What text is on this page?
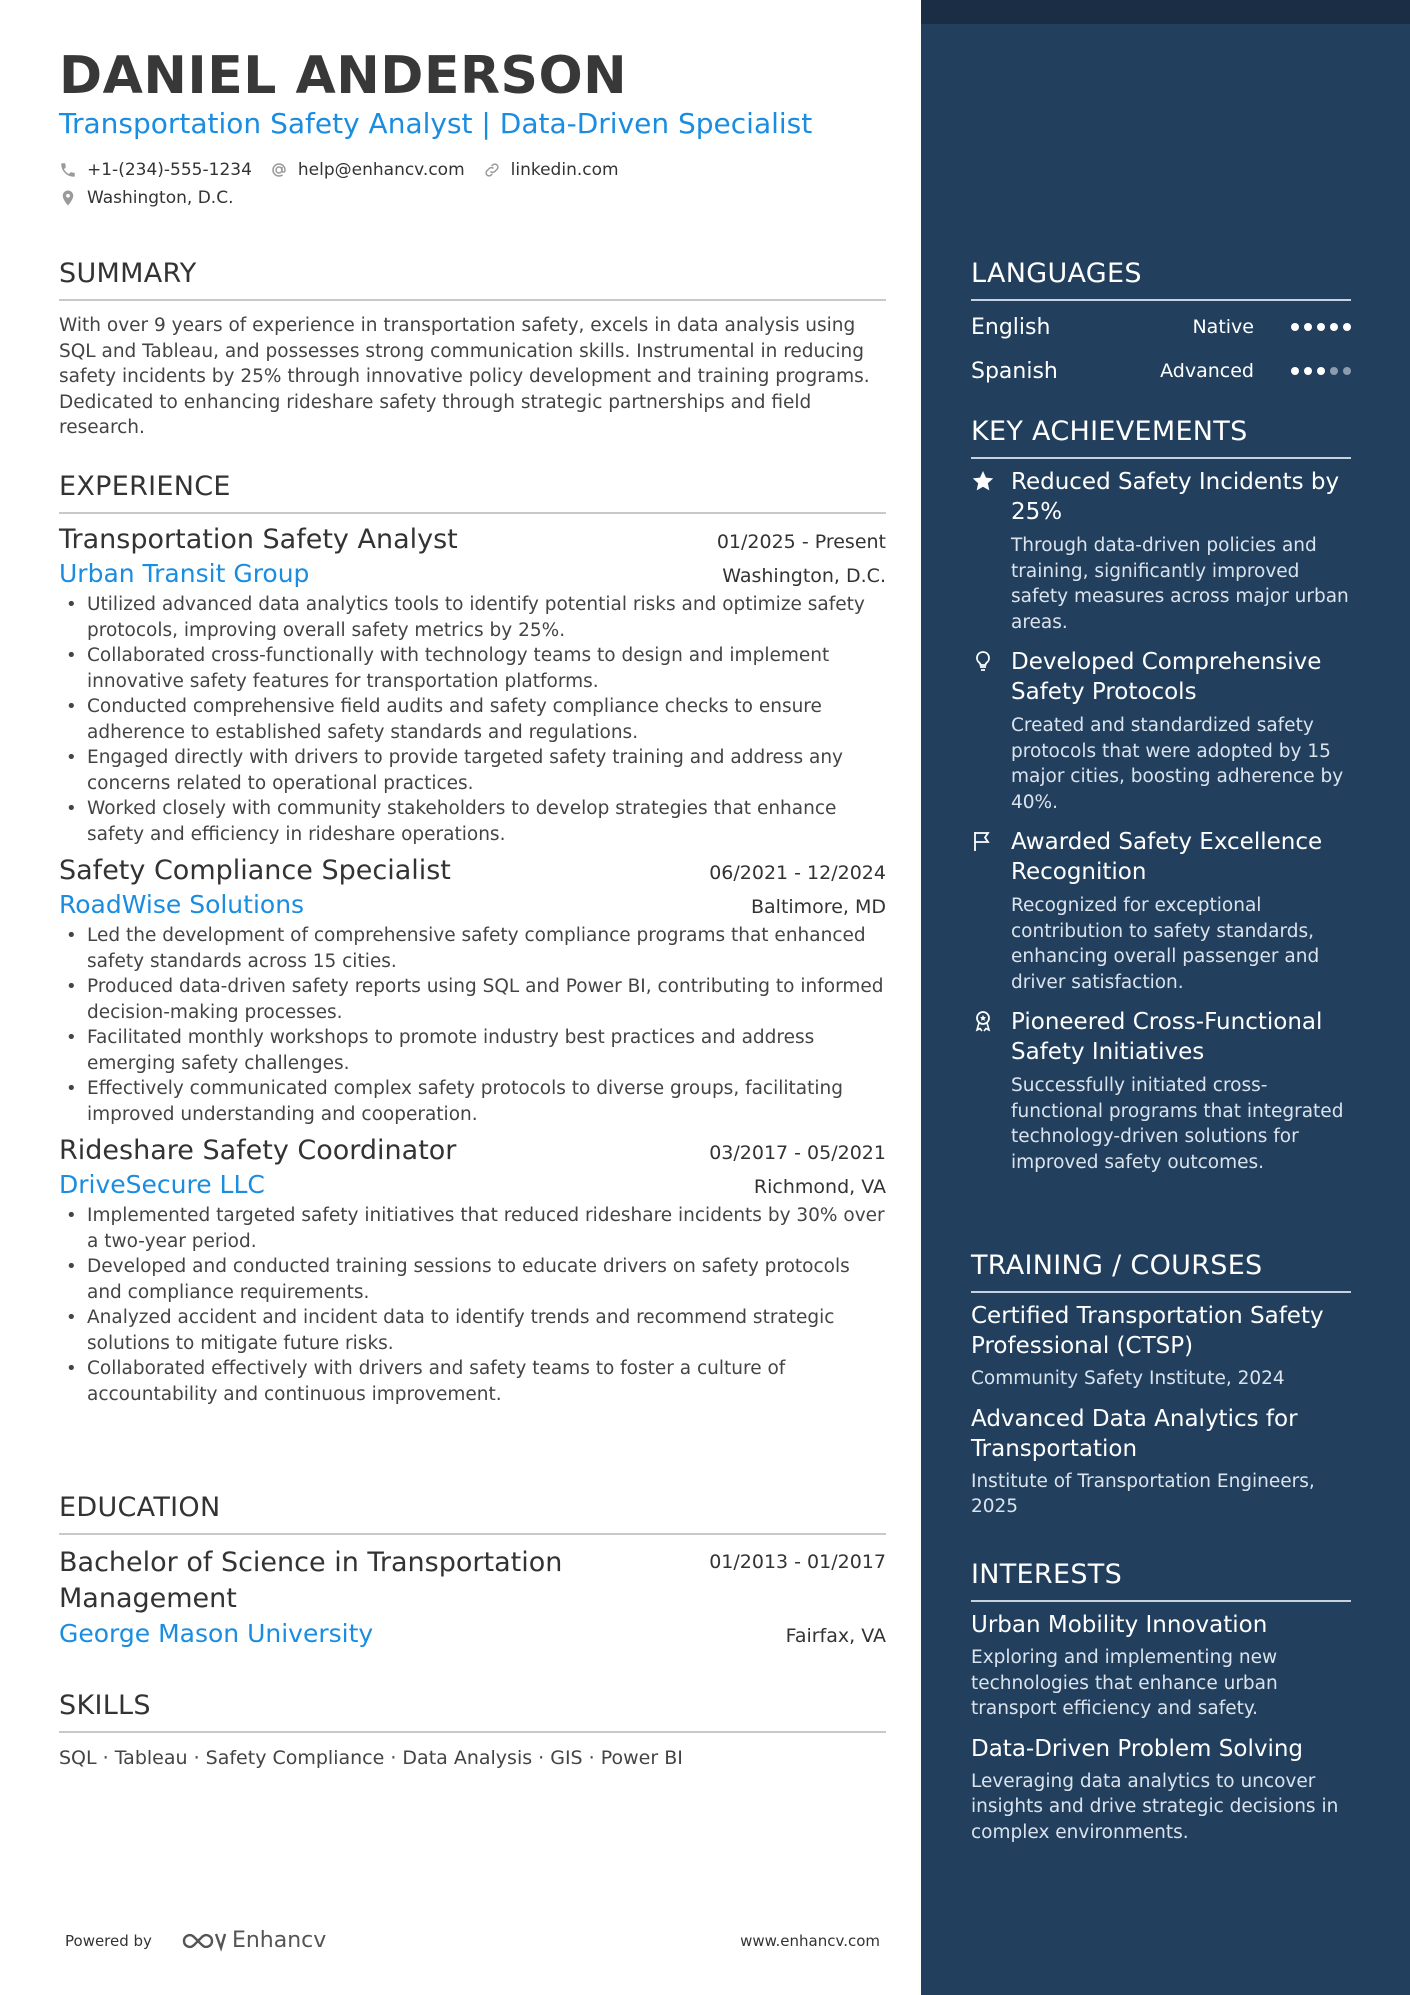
DANIEL ANDERSON
Transportation Safety Analyst | Data-Driven Specialist
+1-(234)-555-1234	help@enhancv.com	linkedin.com
Washington, D.C.
SUMMARY
With over 9 years of experience in transportation safety, excels in data analysis using SQL and Tableau, and possesses strong communication skills. Instrumental in reducing safety incidents by 25% through innovative policy development and training programs. Dedicated to enhancing rideshare safety through strategic partnerships and field research.
EXPERIENCE
Transportation Safety Analyst	01/2025 - Present
Urban Transit Group	Washington, D.C.
• Utilized advanced data analytics tools to identify potential risks and optimize safety protocols, improving overall safety metrics by 25%.
• Collaborated cross-functionally with technology teams to design and implement innovative safety features for transportation platforms.
• Conducted comprehensive field audits and safety compliance checks to ensure adherence to established safety standards and regulations.
• Engaged directly with drivers to provide targeted safety training and address any concerns related to operational practices.
• Worked closely with community stakeholders to develop strategies that enhance safety and efficiency in rideshare operations.
Safety Compliance Specialist	06/2021 - 12/2024
RoadWise Solutions	Baltimore, MD
• Led the development of comprehensive safety compliance programs that enhanced safety standards across 15 cities.
• Produced data-driven safety reports using SQL and Power BI, contributing to informed decision-making processes.
• Facilitated monthly workshops to promote industry best practices and address emerging safety challenges.
• Effectively communicated complex safety protocols to diverse groups, facilitating improved understanding and cooperation.
Rideshare Safety Coordinator	03/2017 - 05/2021
DriveSecure LLC	Richmond, VA
• Implemented targeted safety initiatives that reduced rideshare incidents by 30% over a two-year period.
• Developed and conducted training sessions to educate drivers on safety protocols and compliance requirements.
• Analyzed accident and incident data to identify trends and recommend strategic solutions to mitigate future risks.
• Collaborated effectively with drivers and safety teams to foster a culture of accountability and continuous improvement.
EDUCATION
Bachelor of Science in Transportation Management
01/2013 - 01/2017
George Mason University	Fairfax, VA
SKILLS
SQL · Tableau · Safety Compliance · Data Analysis · GIS · Power BI
Powered by	Enhancv	www.enhancv.com
LANGUAGES
English	Native
Spanish	Advanced
KEY ACHIEVEMENTS
Reduced Safety Incidents by 25%
Through data-driven policies and training, significantly improved safety measures across major urban areas.
Developed Comprehensive Safety Protocols
Created and standardized safety protocols that were adopted by 15 major cities, boosting adherence by 40%.
Awarded Safety Excellence Recognition
Recognized for exceptional contribution to safety standards, enhancing overall passenger and driver satisfaction.
Pioneered Cross-Functional Safety Initiatives
Successfully initiated cross-functional programs that integrated technology-driven solutions for improved safety outcomes.
TRAINING / COURSES
Certified Transportation Safety Professional (CTSP)
Community Safety Institute, 2024
Advanced Data Analytics for Transportation
Institute of Transportation Engineers, 2025
INTERESTS
Urban Mobility Innovation
Exploring and implementing new technologies that enhance urban transport efficiency and safety.
Data-Driven Problem Solving
Leveraging data analytics to uncover insights and drive strategic decisions in complex environments.
